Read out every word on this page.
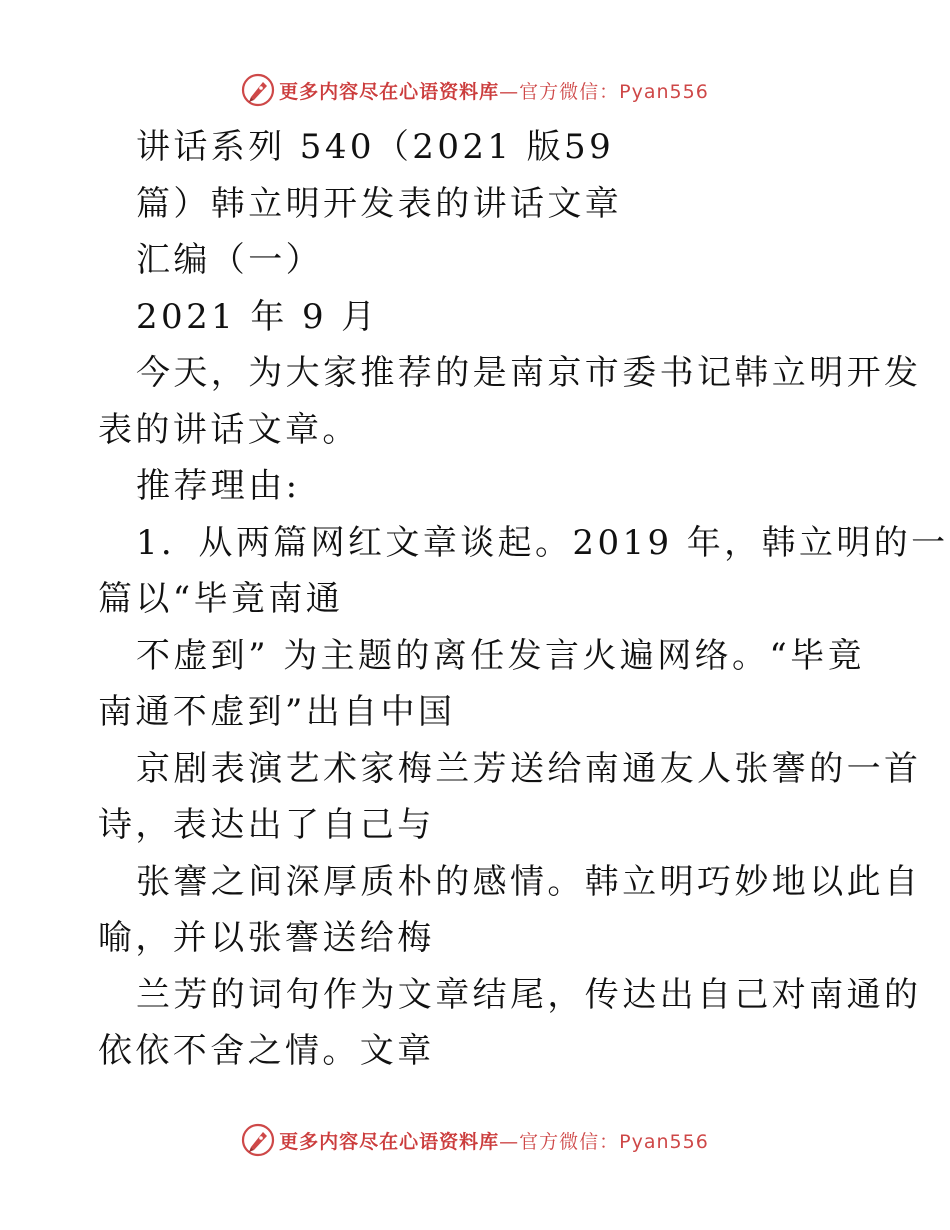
更多内容尽在心语资料库 —官方微信：Pyan556

讲话系列 540（2021 版59

篇）韩立明开发表的讲话文章

汇编（一）

2021 年 9 月

今天，为大家推荐的是南京市委书记韩立明开发

表的讲话文章。

推荐理由:

1．从两篇网红文章谈起。2019 年，韩立明的一

篇以“毕竟南通

不虚到” 为主题的离任发言火遍网络。“毕竟

南通不虚到”出自中国

京剧表演艺术家梅兰芳送给南通友人张謇的一首

诗，表达出了自己与

张謇之间深厚质朴的感情。韩立明巧妙地以此自

喻，并以张謇送给梅

兰芳的词句作为文章结尾，传达出自己对南通的

依依不舍之情。文章

更多内容尽在心语资料库 —官方微信：Pyan556
